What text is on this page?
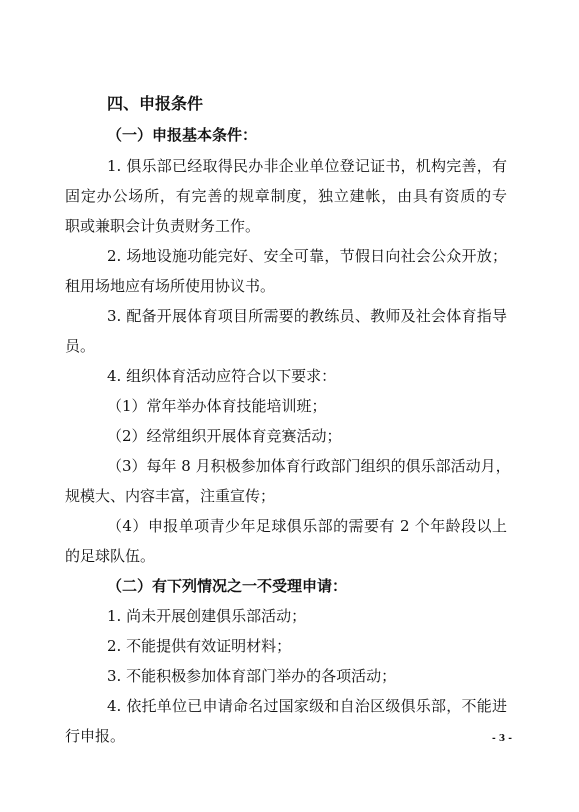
四、申报条件
（一）申报基本条件：
1. 俱乐部已经取得民办非企业单位登记证书，机构完善，有
固定办公场所，有完善的规章制度，独立建帐，由具有资质的专
职或兼职会计负责财务工作。
2. 场地设施功能完好、安全可靠，节假日向社会公众开放；
租用场地应有场所使用协议书。
3. 配备开展体育项目所需要的教练员、教师及社会体育指导
员。
4. 组织体育活动应符合以下要求：
（1）常年举办体育技能培训班；
（2）经常组织开展体育竞赛活动；
（3）每年 8 月积极参加体育行政部门组织的俱乐部活动月，
规模大、内容丰富，注重宣传；
（4）申报单项青少年足球俱乐部的需要有 2 个年龄段以上
的足球队伍。
（二）有下列情况之一不受理申请：
1. 尚未开展创建俱乐部活动；
2. 不能提供有效证明材料；
3. 不能积极参加体育部门举办的各项活动；
4. 依托单位已申请命名过国家级和自治区级俱乐部，不能进
行申报。	- 3 -
